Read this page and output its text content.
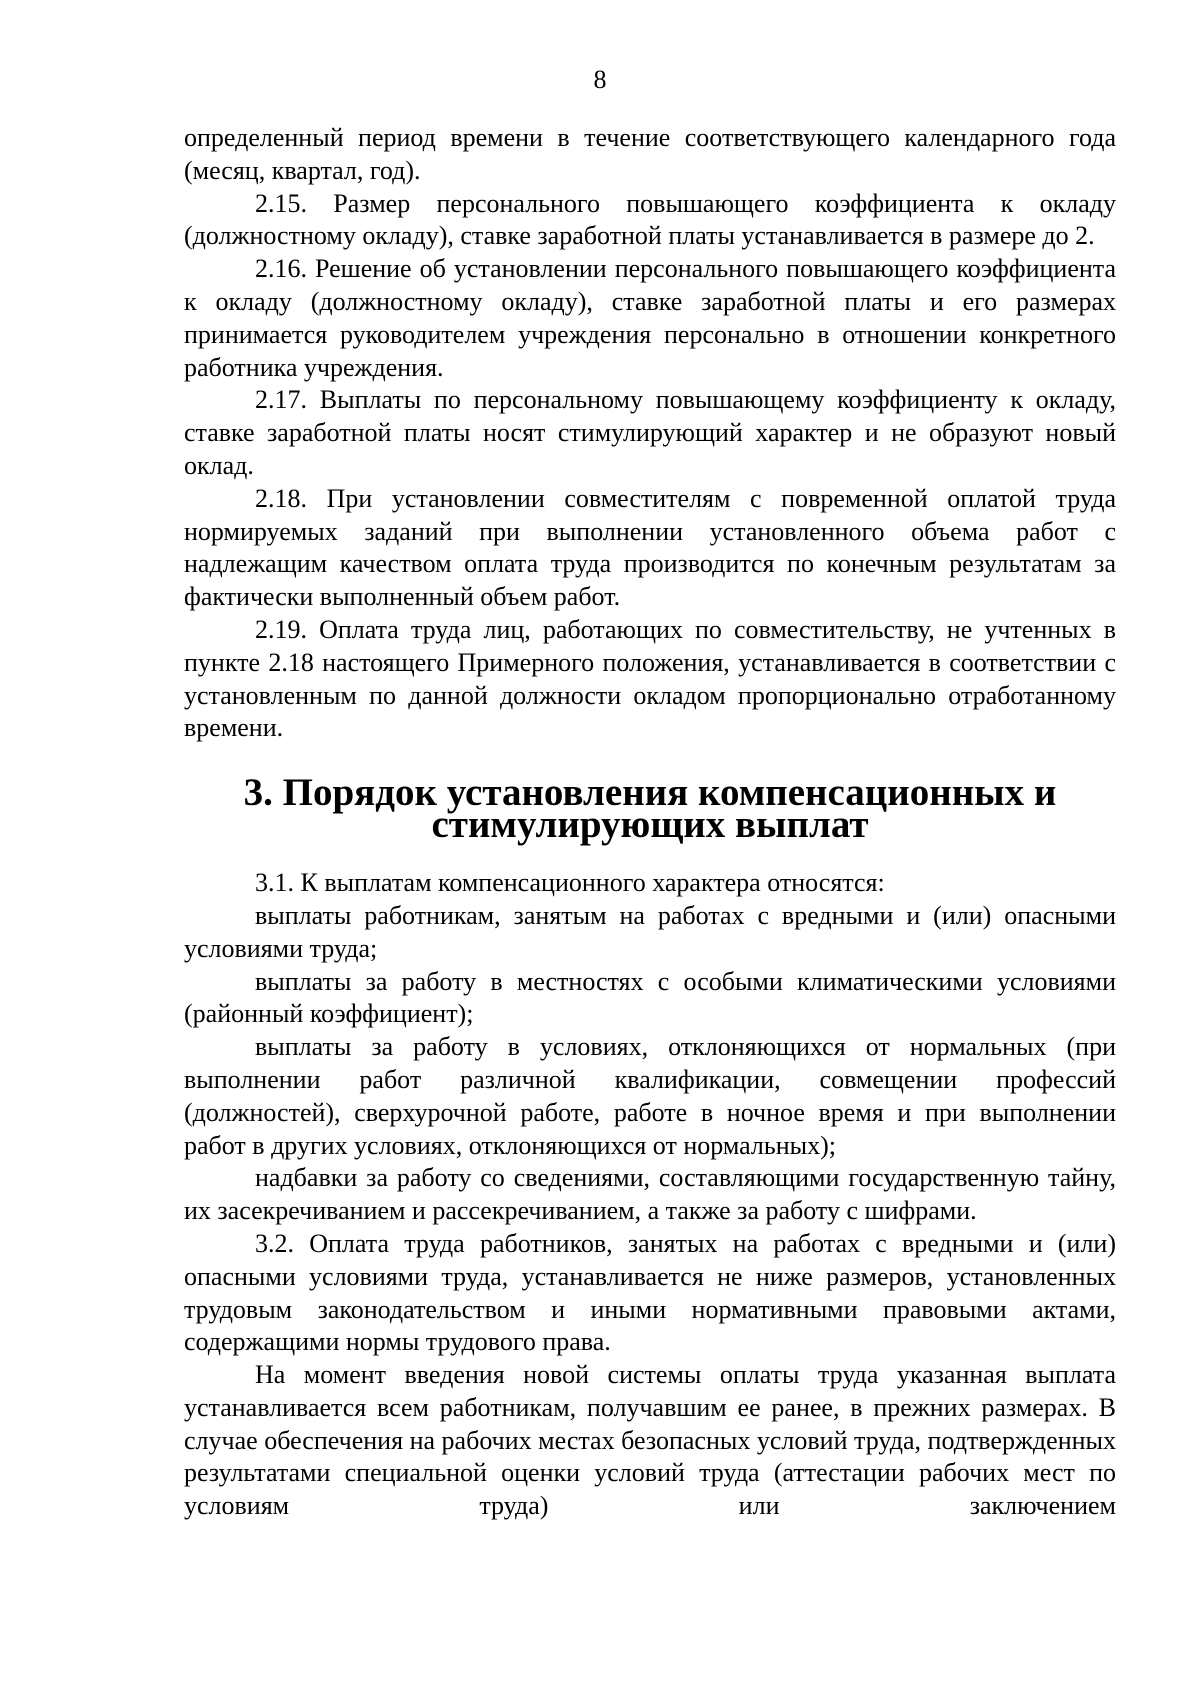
8

определенный период времени в течение соответствующего календарного года (месяц, квартал, год).

2.15. Размер персонального повышающего коэффициента к окладу (должностному окладу), ставке заработной платы устанавливается в размере до 2.

2.16. Решение об установлении персонального повышающего коэффициента к окладу (должностному окладу), ставке заработной платы и его размерах принимается руководителем учреждения персонально в отношении конкретного работника учреждения.

2.17. Выплаты по персональному повышающему коэффициенту к окладу, ставке заработной платы носят стимулирующий характер и не образуют новый оклад.

2.18. При установлении совместителям с повременной оплатой труда нормируемых заданий при выполнении установленного объема работ с надлежащим качеством оплата труда производится по конечным результатам за фактически выполненный объем работ.

2.19. Оплата труда лиц, работающих по совместительству, не учтенных в пункте 2.18 настоящего Примерного положения, устанавливается в соответствии с установленным по данной должности окладом пропорционально отработанному времени.

3. Порядок установления компенсационных и
стимулирующих выплат

3.1. К выплатам компенсационного характера относятся:

выплаты работникам, занятым на работах с вредными и (или) опасными условиями труда;

выплаты за работу в местностях с особыми климатическими условиями (районный коэффициент);

выплаты за работу в условиях, отклоняющихся от нормальных (при выполнении работ различной квалификации, совмещении профессий (должностей), сверхурочной работе, работе в ночное время и при выполнении работ в других условиях, отклоняющихся от нормальных);

надбавки за работу со сведениями, составляющими государственную тайну, их засекречиванием и рассекречиванием, а также за работу с шифрами.

3.2. Оплата труда работников, занятых на работах с вредными и (или) опасными условиями труда, устанавливается не ниже размеров, установленных трудовым законодательством и иными нормативными правовыми актами, содержащими нормы трудового права.

На момент введения новой системы оплаты труда указанная выплата устанавливается всем работникам, получавшим ее ранее, в прежних размерах. В случае обеспечения на рабочих местах безопасных условий труда, подтвержденных результатами специальной оценки условий труда (аттестации рабочих мест по условиям труда) или заключением
